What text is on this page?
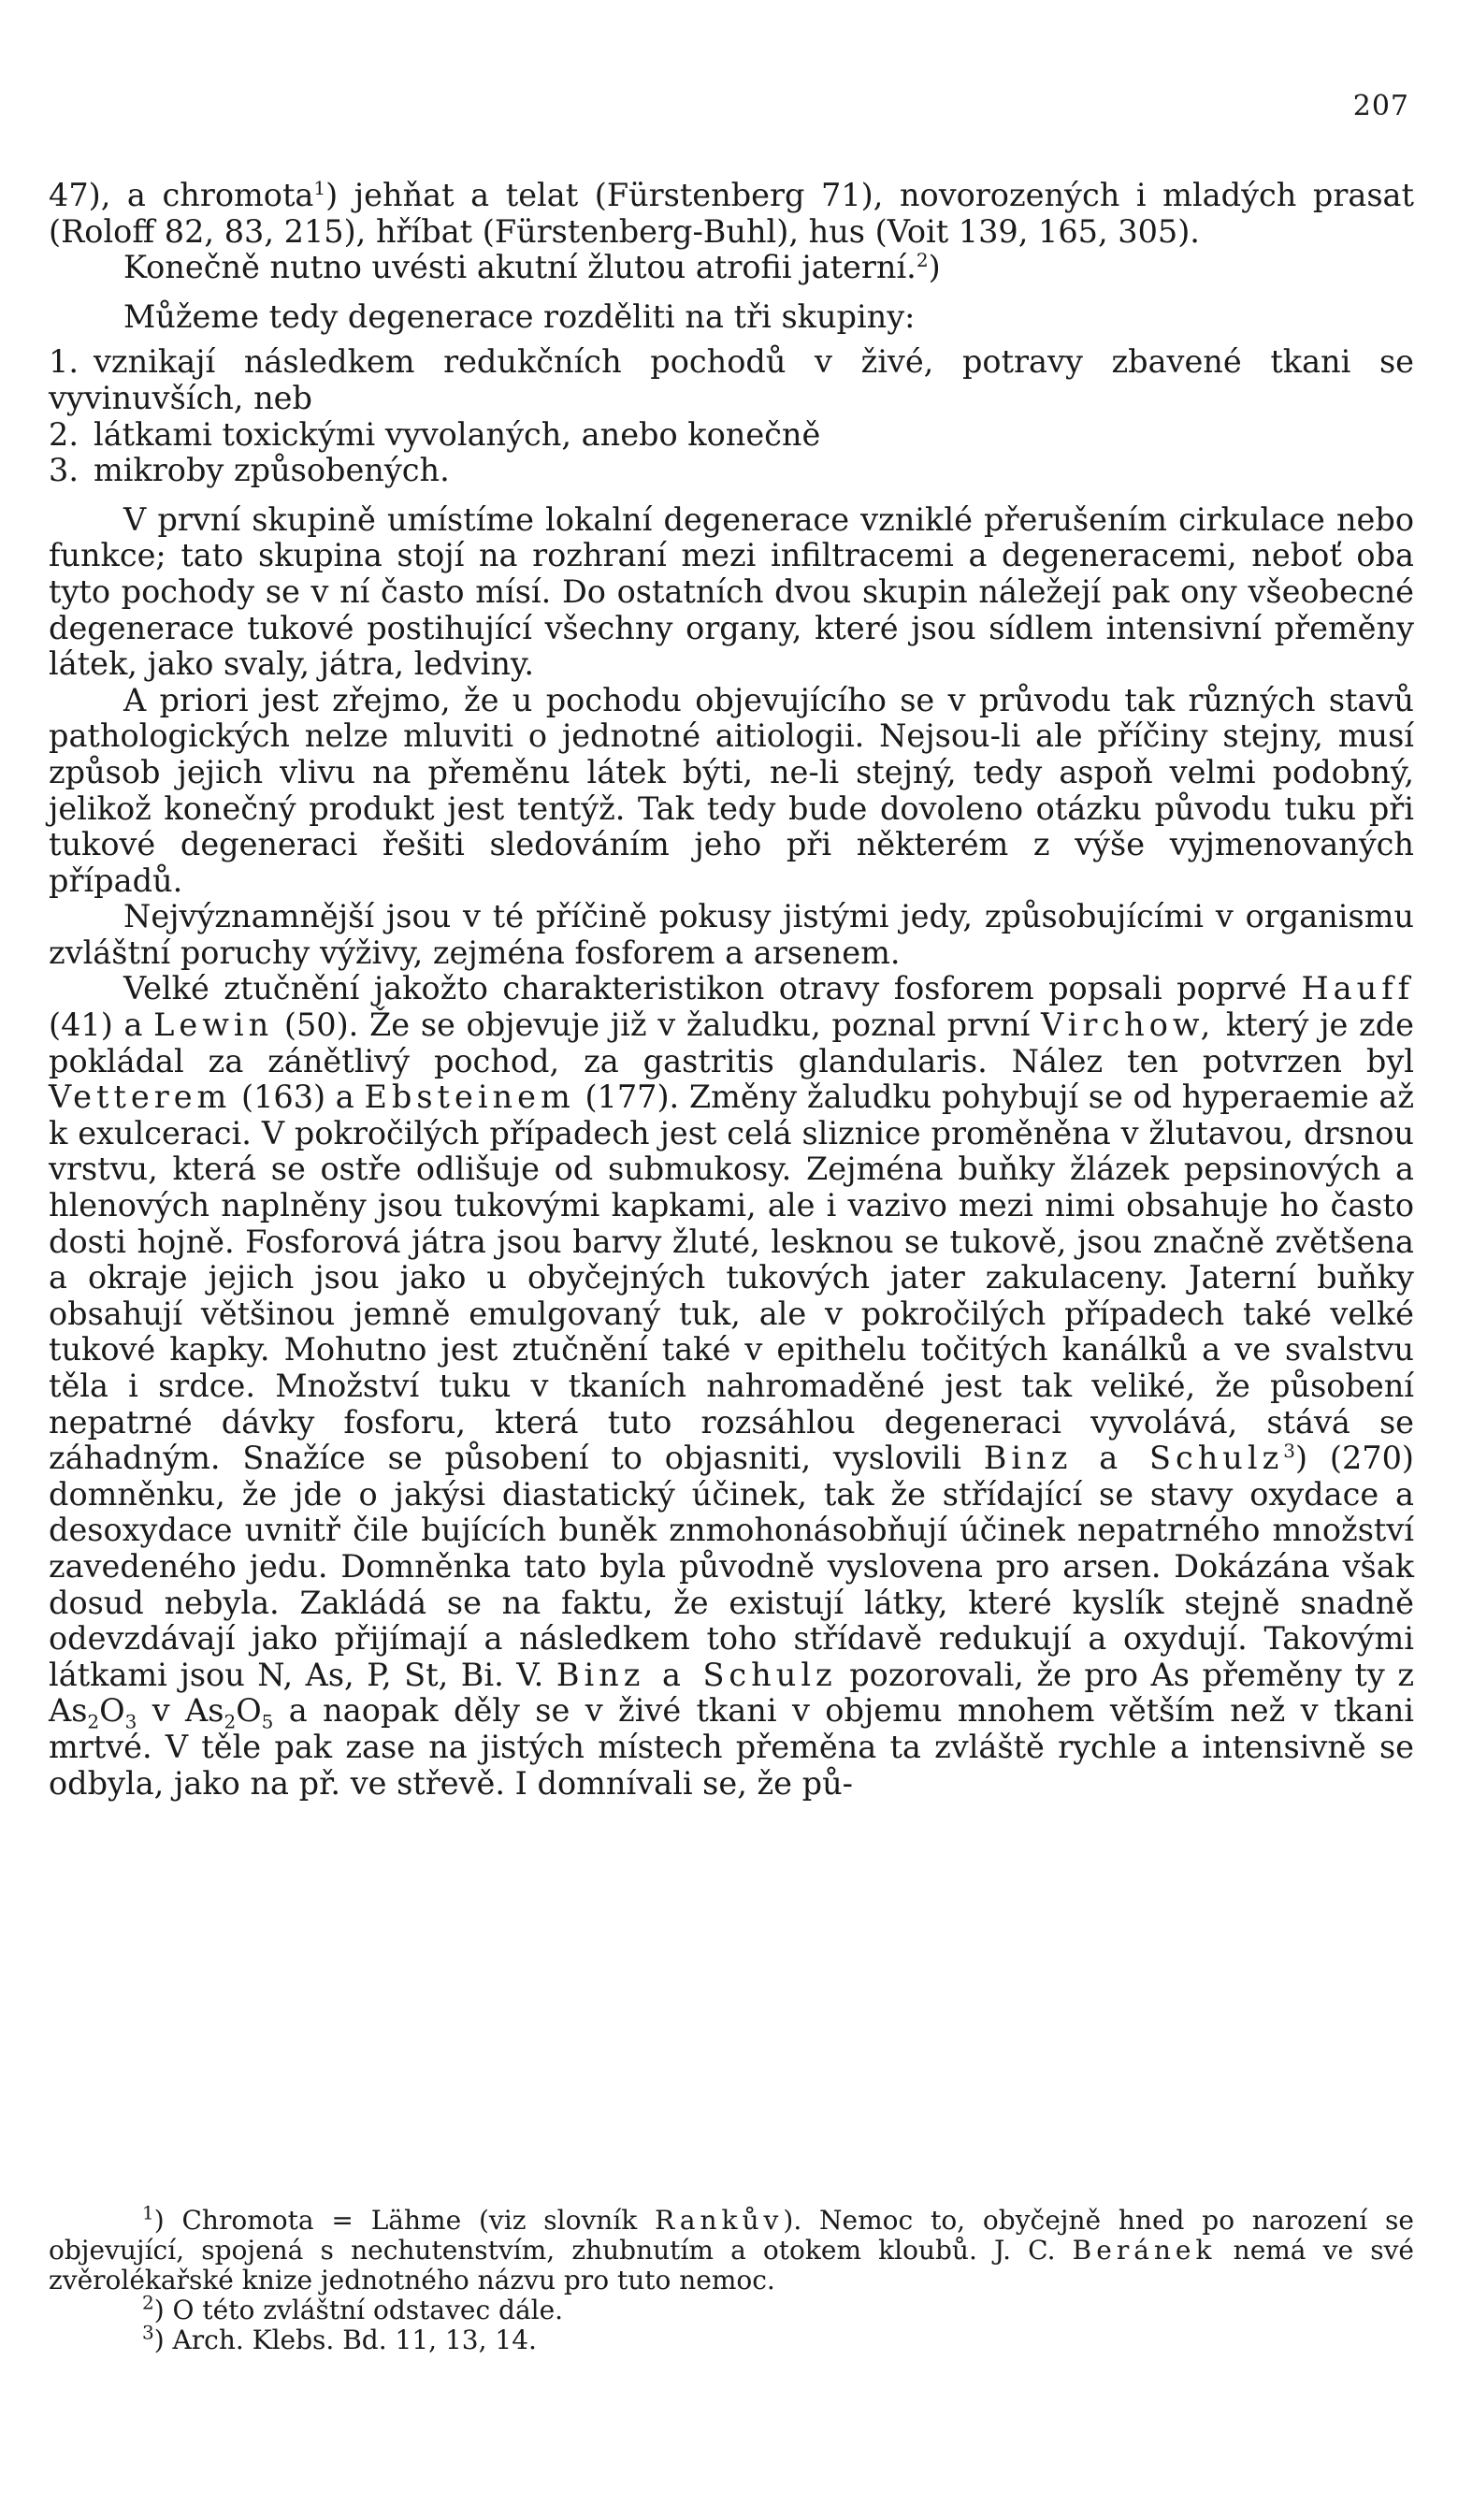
207

47), a chromota$^1$) jehňat a telat (Fürstenberg 71), novorozených i mladých prasat (Roloff 82, 83, 215), hříbat (Fürstenberg-Buhl), hus (Voit 139, 165, 305).

Konečně nutno uvésti akutní žlutou atrofii jaterní.$^2$)

Můžeme tedy degenerace rozděliti na tři skupiny:

1. vznikají následkem redukčních pochodů v živé, potravy zbavené tkani se vyvinuvších, neb
2. látkami toxickými vyvolaných, anebo konečně
3. mikroby způsobených.

V první skupině umístíme lokalní degenerace vzniklé přerušením cirkulace nebo funkce; tato skupina stojí na rozhraní mezi infiltracemi a degeneracemi, neboť oba tyto pochody se v ní často mísí. Do ostatních dvou skupin náležejí pak ony všeobecné degenerace tukové postihující všechny organy, které jsou sídlem intensivní přeměny látek, jako svaly, játra, ledviny.

A priori jest zřejmo, že u pochodu objevujícího se v průvodu tak různých stavů pathologických nelze mluviti o jednotné aitiologii. Nejsou-li ale příčiny stejny, musí způsob jejich vlivu na přeměnu látek býti, ne-li stejný, tedy aspoň velmi podobný, jelikož konečný produkt jest tentýž. Tak tedy bude dovoleno otázku původu tuku při tukové degeneraci řešiti sledováním jeho při některém z výše vyjmenovaných případů.

Nejvýznamnější jsou v té příčině pokusy jistými jedy, způsobujícími v organismu zvláštní poruchy výživy, zejména fosforem a arsenem.

Velké ztučnění jakožto charakteristikon otravy fosforem popsali poprvé Hauff (41) a Lewin (50). Že se objevuje již v žaludku, poznal první Virchow, který je zde pokládal za zánětlivý pochod, za gastritis glandularis. Nález ten potvrzen byl Vetterem (163) a Ebsteinem (177). Změny žaludku pohybují se od hyperaemie až k exulceraci. V pokročilých případech jest celá sliznice proměněna v žlutavou, drsnou vrstvu, která se ostře odlišuje od submukosy. Zejména buňky žlázek pepsinových a hlenových naplněny jsou tukovými kapkami, ale i vazivo mezi nimi obsahuje ho často dosti hojně. Fosforová játra jsou barvy žluté, lesknou se tukově, jsou značně zvětšena a okraje jejich jsou jako u obyčejných tukových jater zakulaceny. Jaterní buňky obsahují většinou jemně emulgovaný tuk, ale v pokročilých případech také velké tukové kapky. Mohutno jest ztučnění také v epithelu točitých kanálků a ve svalstvu těla i srdce. Množství tuku v tkaních nahromaděné jest tak veliké, že působení nepatrné dávky fosforu, která tuto rozsáhlou degeneraci vyvolává, stává se záhadným. Snažíce se působení to objasniti, vyslovili Binz a Schulz$^3$) (270) domněnku, že jde o jakýsi diastatický účinek, tak že střídající se stavy oxydace a desoxydace uvnitř čile bujících buněk znmohonásobňují účinek nepatrného množství zavedeného jedu. Domněnka tato byla původně vyslovena pro arsen. Dokázána však dosud nebyla. Zakládá se na faktu, že existují látky, které kyslík stejně snadně odevzdávají jako přijímají a následkem toho střídavě redukují a oxydují. Takovými látkami jsou N, As, P, St, Bi. V. Binz a Schulz pozorovali, že pro As přeměny ty z $As_2O_3$ v $As_2O_5$ a naopak děly se v živé tkani v objemu mnohem větším než v tkani mrtvé. V těle pak zase na jistých místech přeměna ta zvláště rychle a intensivně se odbyla, jako na př. ve střevě. I domnívali se, že pů-

$^1$) Chromota = Lähme (viz slovník Rankův). Nemoc to, obyčejně hned po narození se objevující, spojená s nechutenstvím, zhubnutím a otokem kloubů. J. C. Beránek nemá ve své zvěrolékařské knize jednotného názvu pro tuto nemoc.

$^2$) O této zvláštní odstavec dále.

$^3$) Arch. Klebs. Bd. 11, 13, 14.
